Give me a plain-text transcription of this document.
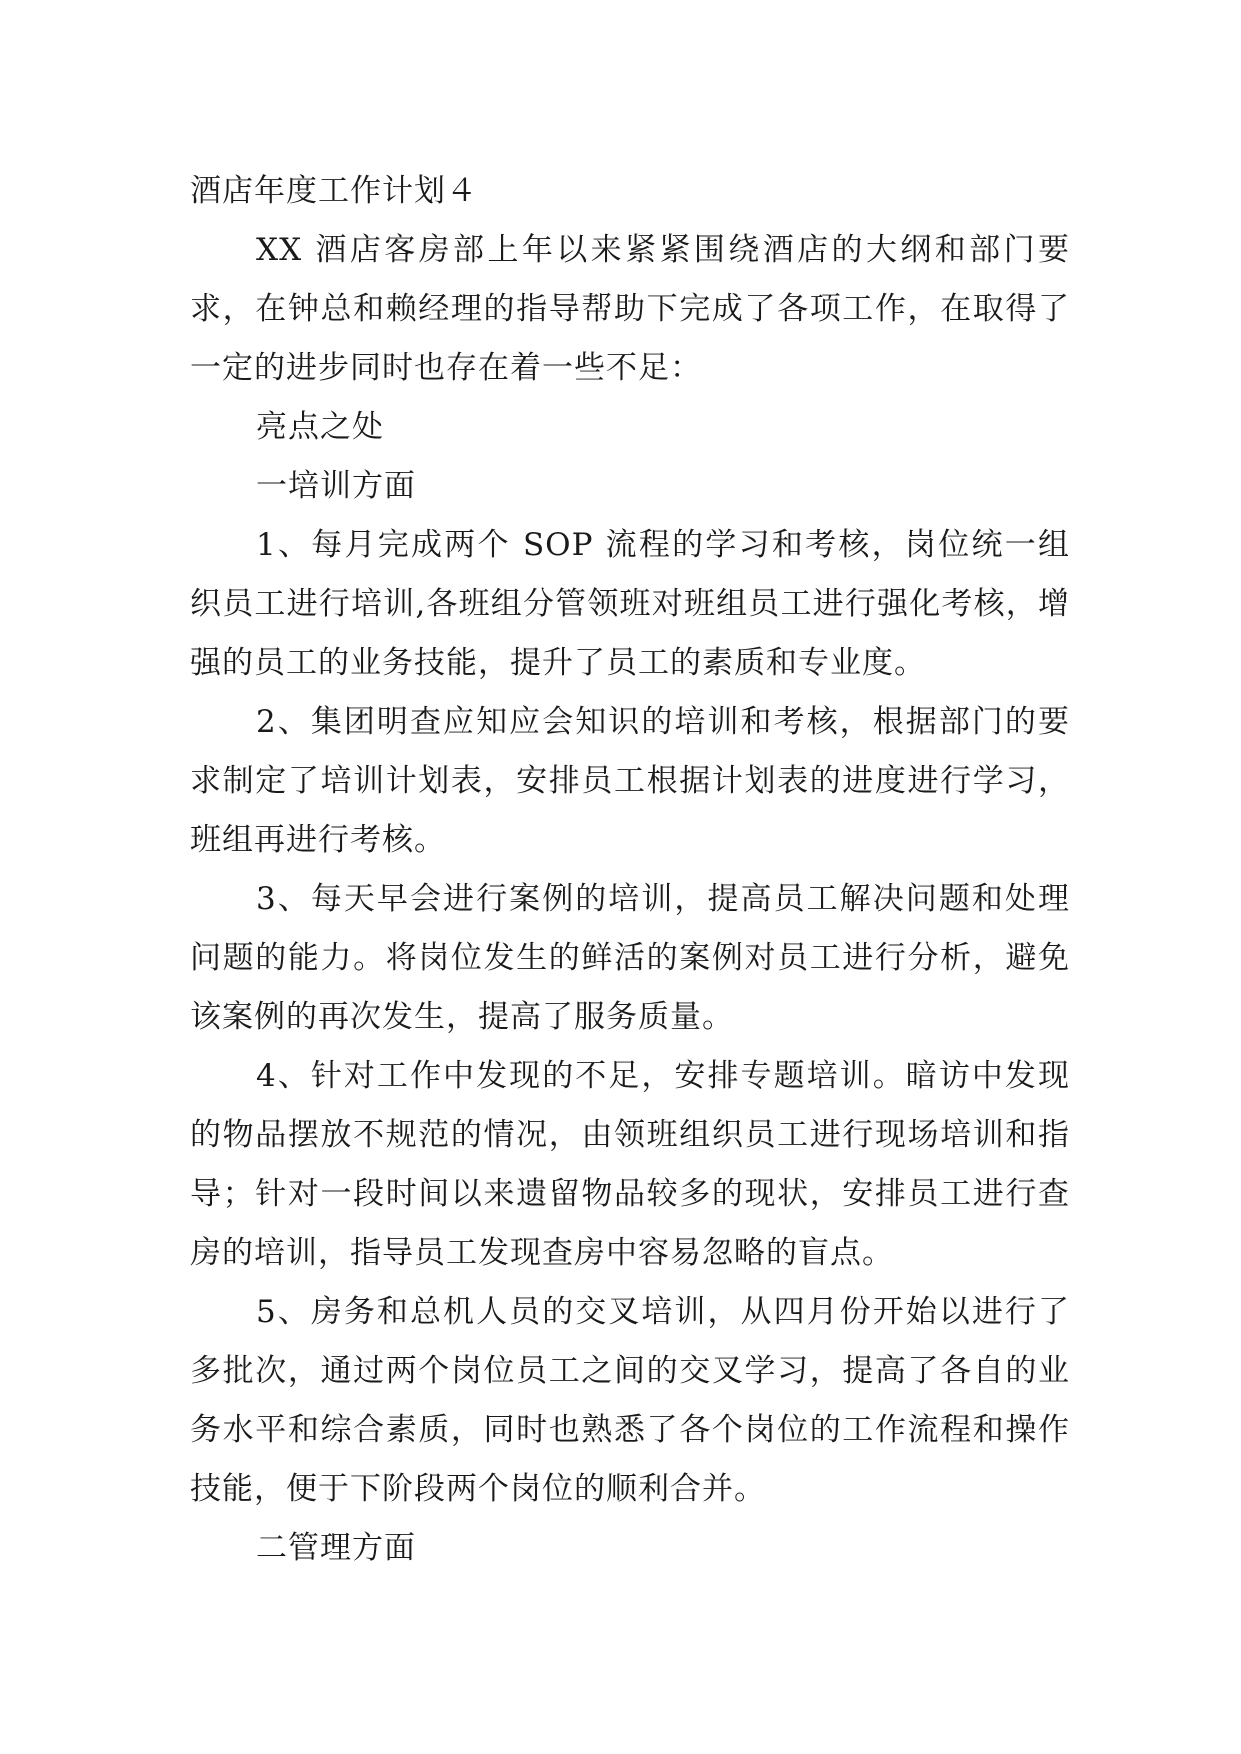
酒店年度工作计划４

XX 酒店客房部上年以来紧紧围绕酒店的大纲和部门要求，在钟总和赖经理的指导帮助下完成了各项工作，在取得了一定的进步同时也存在着一些不足：

亮点之处

一培训方面

1、每月完成两个 SOP 流程的学习和考核，岗位统一组织员工进行培训,各班组分管领班对班组员工进行强化考核，增强的员工的业务技能，提升了员工的素质和专业度。

2、集团明查应知应会知识的培训和考核，根据部门的要求制定了培训计划表，安排员工根据计划表的进度进行学习，班组再进行考核。

3、每天早会进行案例的培训，提高员工解决问题和处理问题的能力。将岗位发生的鲜活的案例对员工进行分析，避免该案例的再次发生，提高了服务质量。

4、针对工作中发现的不足，安排专题培训。暗访中发现的物品摆放不规范的情况，由领班组织员工进行现场培训和指导；针对一段时间以来遗留物品较多的现状，安排员工进行查房的培训，指导员工发现查房中容易忽略的盲点。

5、房务和总机人员的交叉培训，从四月份开始以进行了多批次，通过两个岗位员工之间的交叉学习，提高了各自的业务水平和综合素质，同时也熟悉了各个岗位的工作流程和操作技能，便于下阶段两个岗位的顺利合并。

二管理方面
